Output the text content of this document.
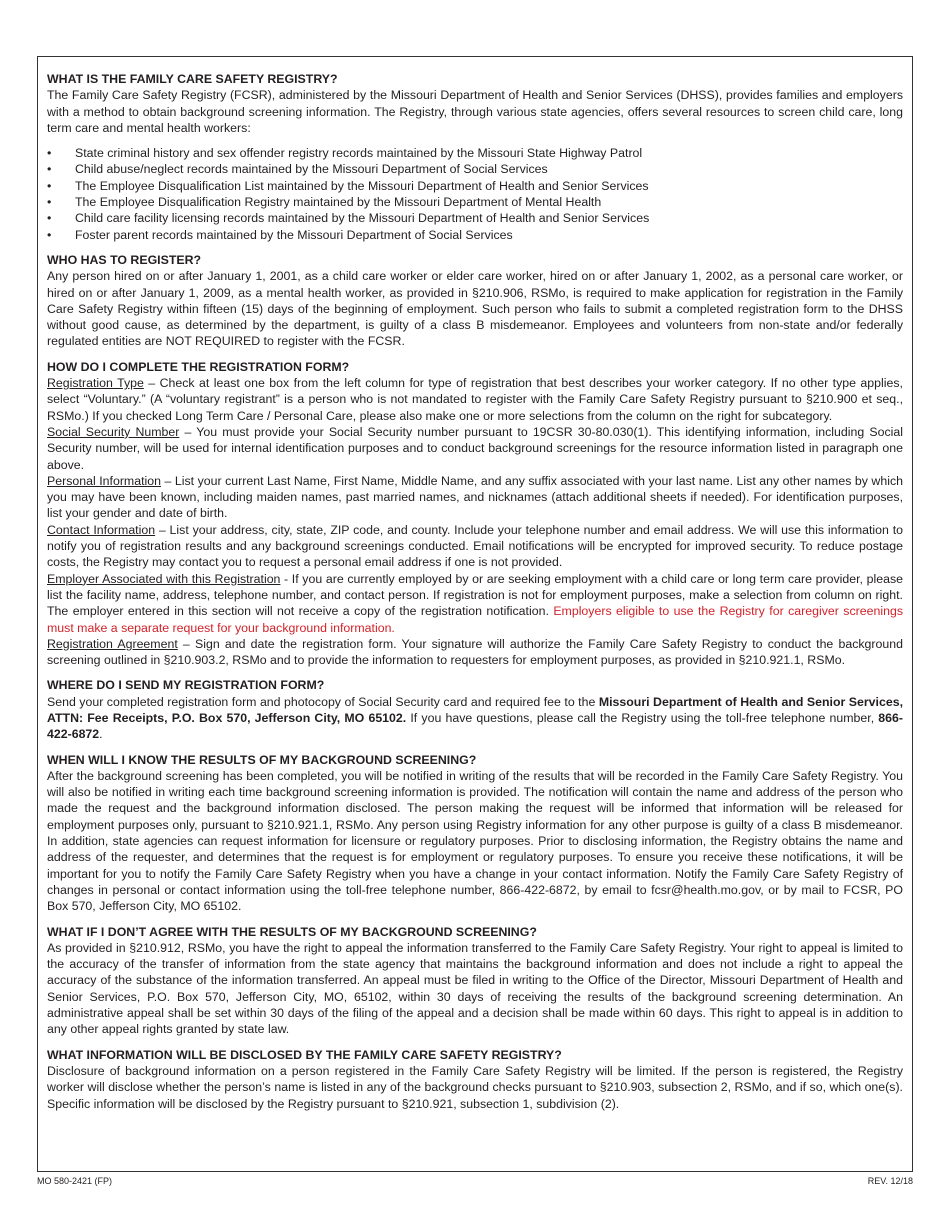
WHAT IS THE FAMILY CARE SAFETY REGISTRY?

The Family Care Safety Registry (FCSR), administered by the Missouri Department of Health and Senior Services (DHSS), provides families and employers with a method to obtain background screening information. The Registry, through various state agencies, offers several resources to screen child care, long term care and mental health workers:

• State criminal history and sex offender registry records maintained by the Missouri State Highway Patrol
• Child abuse/neglect records maintained by the Missouri Department of Social Services
• The Employee Disqualification List maintained by the Missouri Department of Health and Senior Services
• The Employee Disqualification Registry maintained by the Missouri Department of Mental Health
• Child care facility licensing records maintained by the Missouri Department of Health and Senior Services
• Foster parent records maintained by the Missouri Department of Social Services
WHO HAS TO REGISTER?

Any person hired on or after January 1, 2001, as a child care worker or elder care worker, hired on or after January 1, 2002, as a personal care worker, or hired on or after January 1, 2009, as a mental health worker, as provided in §210.906, RSMo, is required to make application for registration in the Family Care Safety Registry within fifteen (15) days of the beginning of employment. Such person who fails to submit a completed registration form to the DHSS without good cause, as determined by the department, is guilty of a class B misdemeanor. Employees and volunteers from non-state and/or federally regulated entities are NOT REQUIRED to register with the FCSR.

HOW DO I COMPLETE THE REGISTRATION FORM?

Registration Type – Check at least one box from the left column for type of registration that best describes your worker category. If no other type applies, select “Voluntary.” (A “voluntary registrant” is a person who is not mandated to register with the Family Care Safety Registry pursuant to §210.900 et seq., RSMo.) If you checked Long Term Care / Personal Care, please also make one or more selections from the column on the right for subcategory.

Social Security Number – You must provide your Social Security number pursuant to 19CSR 30-80.030(1). This identifying information, including Social Security number, will be used for internal identification purposes and to conduct background screenings for the resource information listed in paragraph one above.

Personal Information – List your current Last Name, First Name, Middle Name, and any suffix associated with your last name. List any other names by which you may have been known, including maiden names, past married names, and nicknames (attach additional sheets if needed). For identification purposes, list your gender and date of birth.

Contact Information – List your address, city, state, ZIP code, and county. Include your telephone number and email address. We will use this information to notify you of registration results and any background screenings conducted. Email notifications will be encrypted for improved security. To reduce postage costs, the Registry may contact you to request a personal email address if one is not provided.

Employer Associated with this Registration - If you are currently employed by or are seeking employment with a child care or long term care provider, please list the facility name, address, telephone number, and contact person. If registration is not for employment purposes, make a selection from column on right. The employer entered in this section will not receive a copy of the registration notification. Employers eligible to use the Registry for caregiver screenings must make a separate request for your background information.

Registration Agreement – Sign and date the registration form. Your signature will authorize the Family Care Safety Registry to conduct the background screening outlined in §210.903.2, RSMo and to provide the information to requesters for employment purposes, as provided in §210.921.1, RSMo.

WHERE DO I SEND MY REGISTRATION FORM?

Send your completed registration form and photocopy of Social Security card and required fee to the Missouri Department of Health and Senior Services, ATTN: Fee Receipts, P.O. Box 570, Jefferson City, MO 65102. If you have questions, please call the Registry using the toll-free telephone number, 866-422-6872.

WHEN WILL I KNOW THE RESULTS OF MY BACKGROUND SCREENING?

After the background screening has been completed, you will be notified in writing of the results that will be recorded in the Family Care Safety Registry. You will also be notified in writing each time background screening information is provided. The notification will contain the name and address of the person who made the request and the background information disclosed. The person making the request will be informed that information will be released for employment purposes only, pursuant to §210.921.1, RSMo. Any person using Registry information for any other purpose is guilty of a class B misdemeanor. In addition, state agencies can request information for licensure or regulatory purposes. Prior to disclosing information, the Registry obtains the name and address of the requester, and determines that the request is for employment or regulatory purposes. To ensure you receive these notifications, it will be important for you to notify the Family Care Safety Registry when you have a change in your contact information. Notify the Family Care Safety Registry of changes in personal or contact information using the toll-free telephone number, 866-422-6872, by email to fcsr@health.mo.gov, or by mail to FCSR, PO Box 570, Jefferson City, MO 65102.

WHAT IF I DON’T AGREE WITH THE RESULTS OF MY BACKGROUND SCREENING?

As provided in §210.912, RSMo, you have the right to appeal the information transferred to the Family Care Safety Registry. Your right to appeal is limited to the accuracy of the transfer of information from the state agency that maintains the background information and does not include a right to appeal the accuracy of the substance of the information transferred. An appeal must be filed in writing to the Office of the Director, Missouri Department of Health and Senior Services, P.O. Box 570, Jefferson City, MO, 65102, within 30 days of receiving the results of the background screening determination. An administrative appeal shall be set within 30 days of the filing of the appeal and a decision shall be made within 60 days. This right to appeal is in addition to any other appeal rights granted by state law.

WHAT INFORMATION WILL BE DISCLOSED BY THE FAMILY CARE SAFETY REGISTRY?

Disclosure of background information on a person registered in the Family Care Safety Registry will be limited. If the person is registered, the Registry worker will disclose whether the person’s name is listed in any of the background checks pursuant to §210.903, subsection 2, RSMo, and if so, which one(s). Specific information will be disclosed by the Registry pursuant to §210.921, subsection 1, subdivision (2).

MO 580-2421 (FP)	REV. 12/18
